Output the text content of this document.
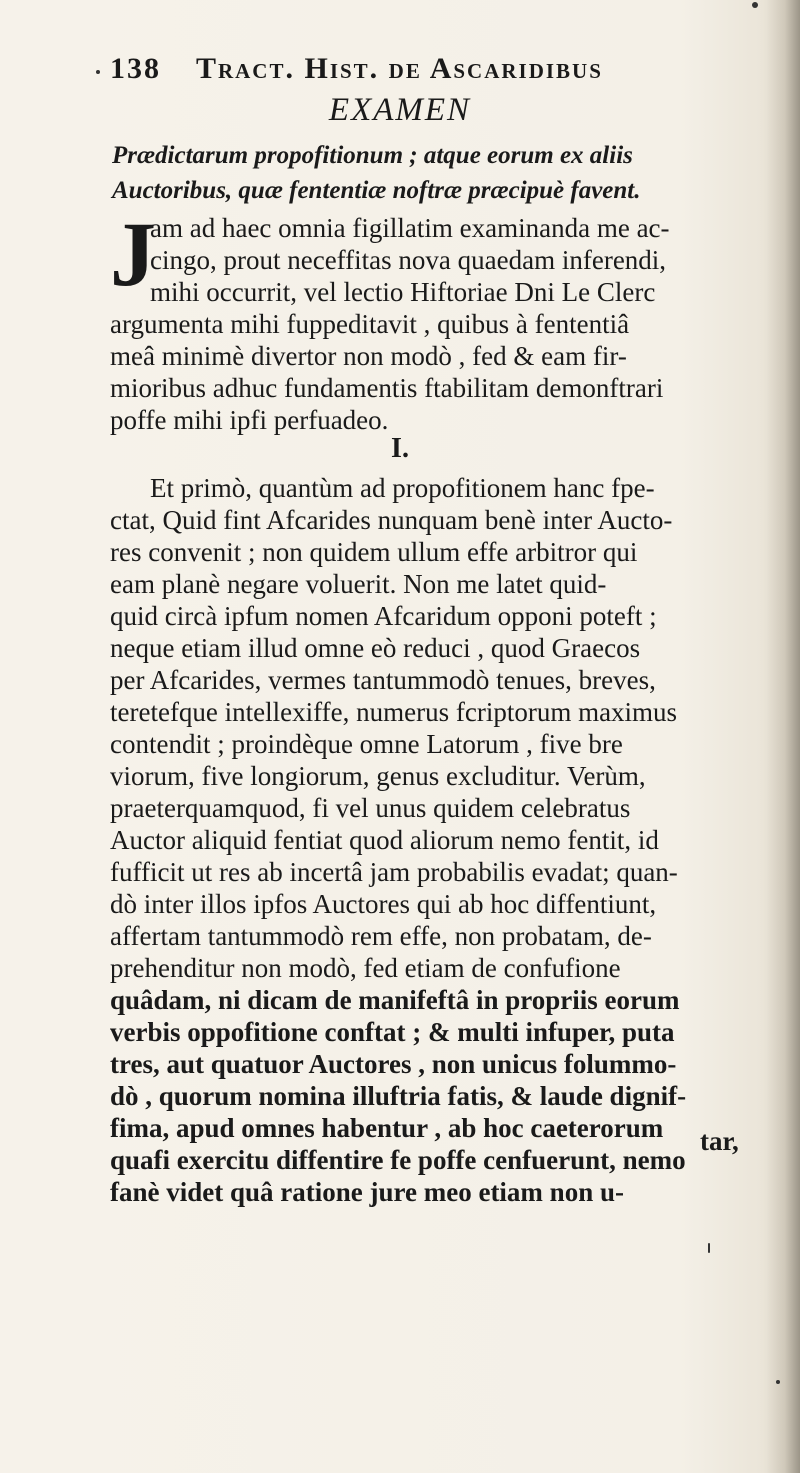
138 Tract. Hist. de Ascaridibus
EXAMEN
Prædictarum propofitionum ; atque eorum ex aliis
Auctoribus, quæ fententiæ noftræ præcipuè favent.
J
am ad haec omnia figillatim examinanda me ac-
cingo, prout neceffitas nova quaedam inferendi,
mihi occurrit, vel lectio Hiftoriae Dni Le Clerc
argumenta mihi fuppeditavit , quibus à fententiâ
meâ minimè divertor non modò , fed & eam fir-
mioribus adhuc fundamentis ftabilitam demonftrari
poffe mihi ipfi perfuadeo.
I.
Et primò, quantùm ad propofitionem hanc fpe-
ctat, Quid fint Afcarides nunquam benè inter Aucto-
res convenit ; non quidem ullum effe arbitror qui
eam planè negare voluerit. Non me latet quid-
quid circà ipfum nomen Afcaridum opponi poteft ;
neque etiam illud omne eò reduci , quod Graecos
per Afcarides, vermes tantummodò tenues, breves,
teretefque intellexiffe, numerus fcriptorum maximus
contendit ; proindèque omne Latorum , five bre
viorum, five longiorum, genus excluditur. Verùm,
praeterquamquod, fi vel unus quidem celebratus
Auctor aliquid fentiat quod aliorum nemo fentit, id
fufficit ut res ab incertâ jam probabilis evadat; quan-
dò inter illos ipfos Auctores qui ab hoc diffentiunt,
affertam tantummodò rem effe, non probatam, de-
prehenditur non modò, fed etiam de confufione
quâdam, ni dicam de manifeftâ in propriis eorum
verbis oppofitione conftat ; & multi infuper, puta
tres, aut quatuor Auctores , non unicus folummo-
dò , quorum nomina illuftria fatis, & laude dignif-
fima, apud omnes habentur , ab hoc caeterorum
quafi exercitu diffentire fe poffe cenfuerunt, nemo
fanè videt quâ ratione jure meo etiam non u-
tar,
